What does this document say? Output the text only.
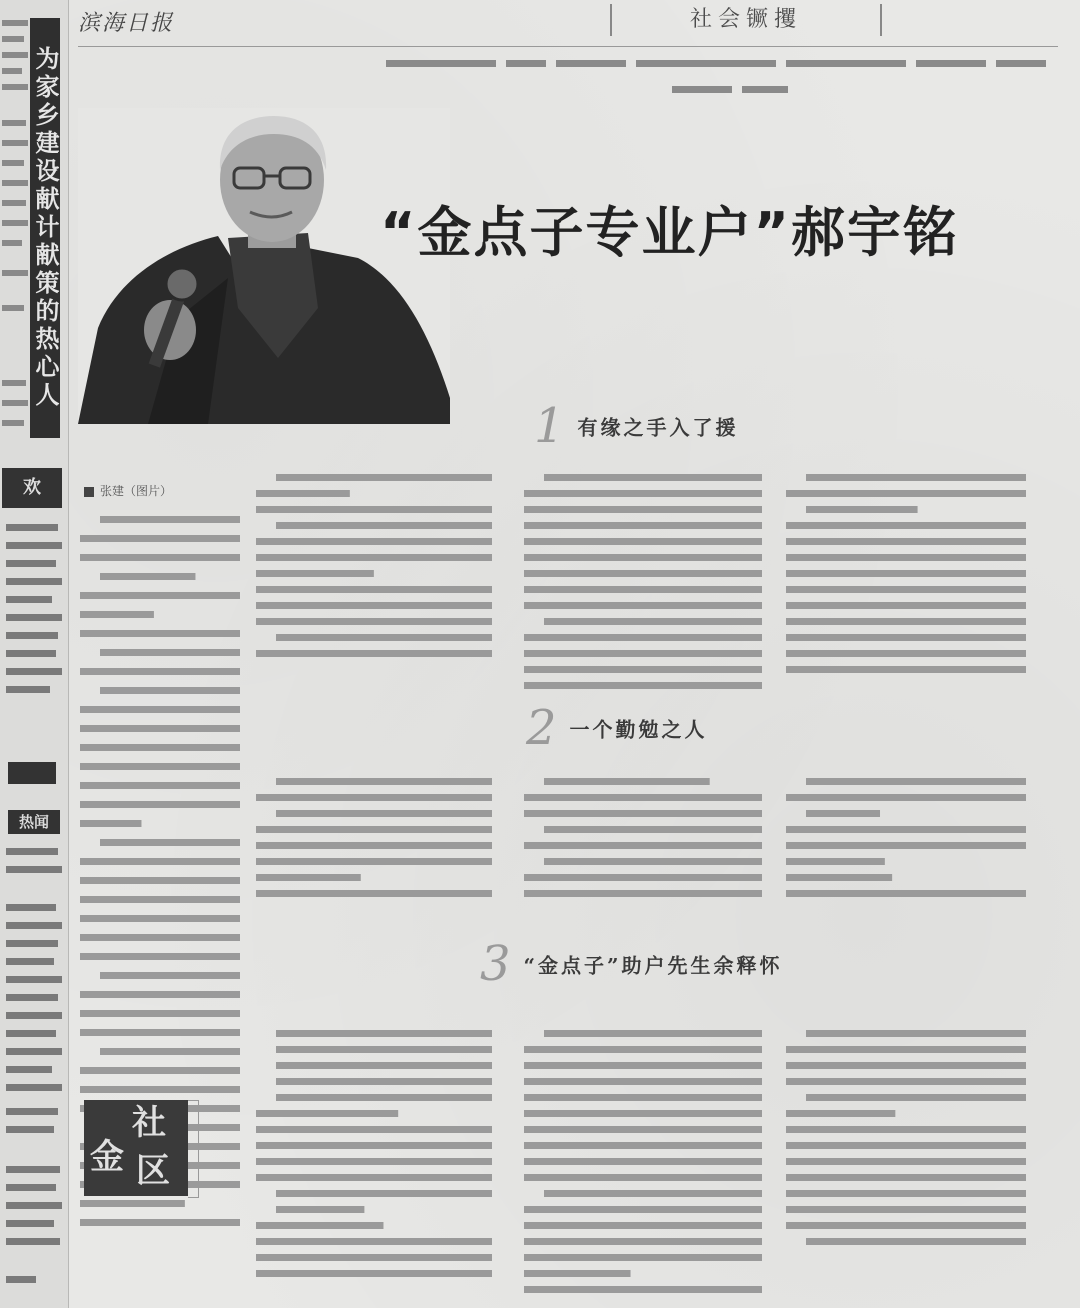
为家乡建设献计献策的热心人
欢
热闻
滨海日报	社会镢攫
“金点子专业户”郝宇铭
张建（图片）
1 有缘之手入了援
2 一个勤勉之人
3 “金点子”助户先生余释怀
金
社
区
